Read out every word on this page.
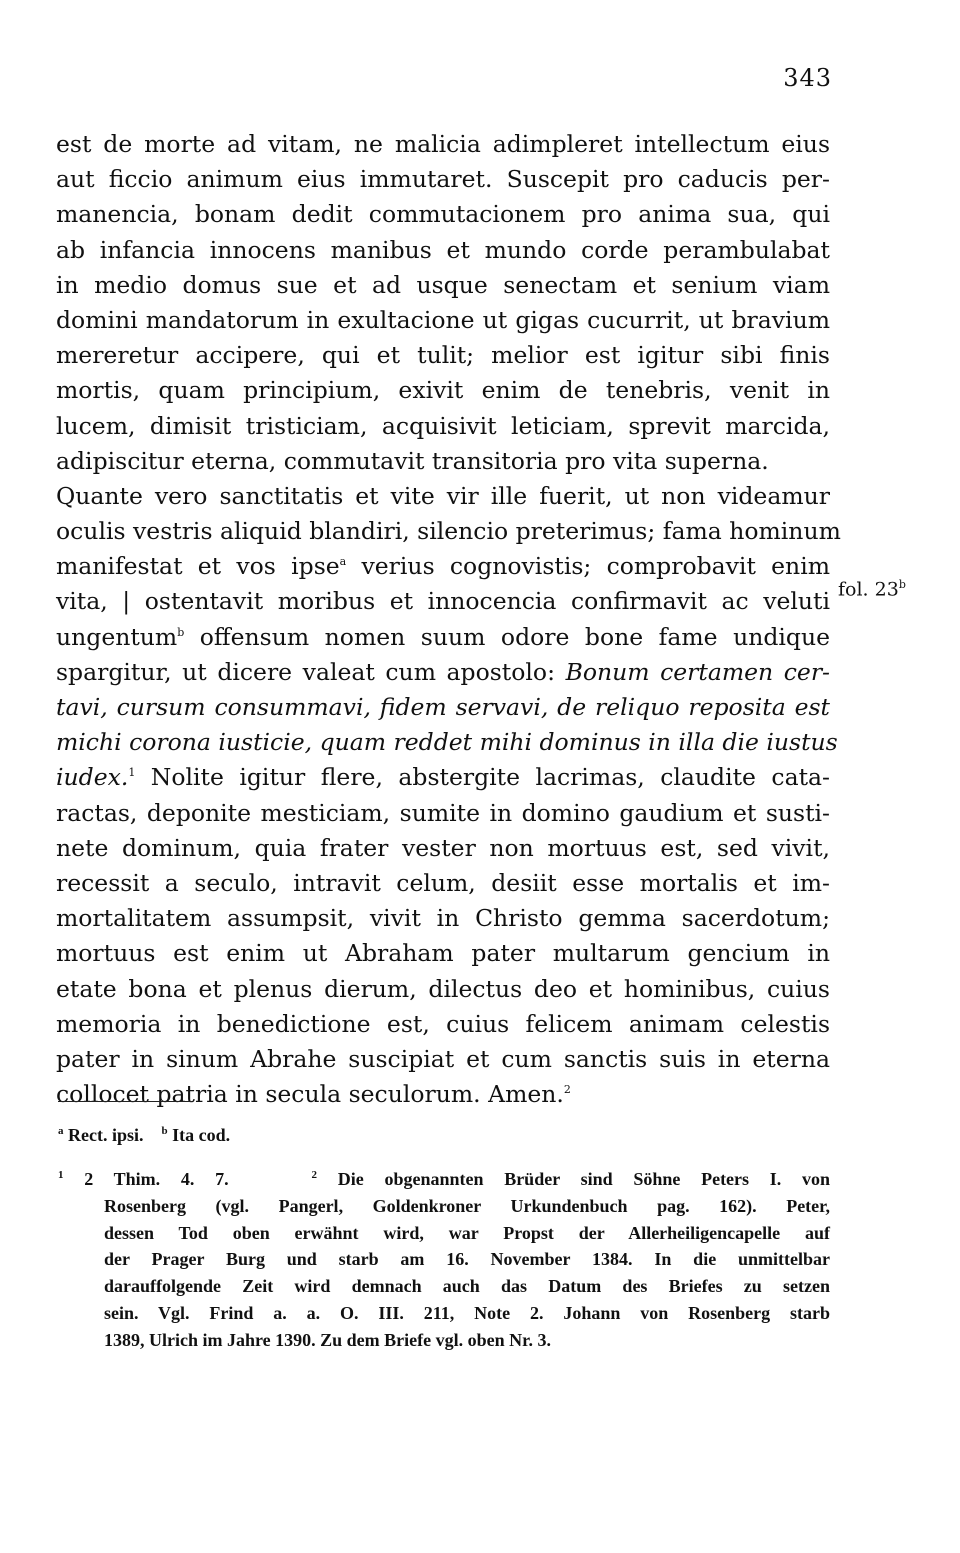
343
est de morte ad vitam, ne malicia adimpleret intellectum eius
aut ficcio animum eius immutaret. Suscepit pro caducis per-
manencia, bonam dedit commutacionem pro anima sua, qui
ab infancia innocens manibus et mundo corde perambulabat
in medio domus sue et ad usque senectam et senium viam
domini mandatorum in exultacione ut gigas cucurrit, ut bravium
mereretur accipere, qui et tulit; melior est igitur sibi finis
mortis, quam principium, exivit enim de tenebris, venit in
lucem, dimisit tristiciam, acquisivit leticiam, sprevit marcida,
adipiscitur eterna, commutavit transitoria pro vita superna.
Quante vero sanctitatis et vite vir ille fuerit, ut non videamur
oculis vestris aliquid blandiri, silencio preterimus; fama hominum
manifestat et vos ipse$^a$ verius cognovistis; comprobavit enim
vita, | ostentavit moribus et innocencia confirmavit ac veluti
ungentum$^b$ offensum nomen suum odore bone fame undique
spargitur, ut dicere valeat cum apostolo: Bonum certamen cer-
tavi, cursum consummavi, fidem servavi, de reliquo reposita est
michi corona iusticie, quam reddet mihi dominus in illa die iustus
iudex.$^1$ Nolite igitur flere, abstergite lacrimas, claudite cata-
ractas, deponite mesticiam, sumite in domino gaudium et susti-
nete dominum, quia frater vester non mortuus est, sed vivit,
recessit a seculo, intravit celum, desiit esse mortalis et im-
mortalitatem assumpsit, vivit in Christo gemma sacerdotum;
mortuus est enim ut Abraham pater multarum gencium in
etate bona et plenus dierum, dilectus deo et hominibus, cuius
memoria in benedictione est, cuius felicem animam celestis
pater in sinum Abrahe suscipiat et cum sanctis suis in eterna
collocet patria in secula seculorum. Amen.$^2$
fol. 23$^b$
$^a$ Rect. ipsi. $^b$ Ita cod.
$^1$ 2 Thim. 4. 7.	$^2$ Die obgenannten Brüder sind Söhne Peters I. von
Rosenberg (vgl. Pangerl, Goldenkroner Urkundenbuch pag. 162). Peter,
dessen Tod oben erwähnt wird, war Propst der Allerheiligencapelle auf
der Prager Burg und starb am 16. November 1384. In die unmittelbar
darauffolgende Zeit wird demnach auch das Datum des Briefes zu setzen
sein. Vgl. Frind a. a. O. III. 211, Note 2. Johann von Rosenberg starb
1389, Ulrich im Jahre 1390. Zu dem Briefe vgl. oben Nr. 3.
